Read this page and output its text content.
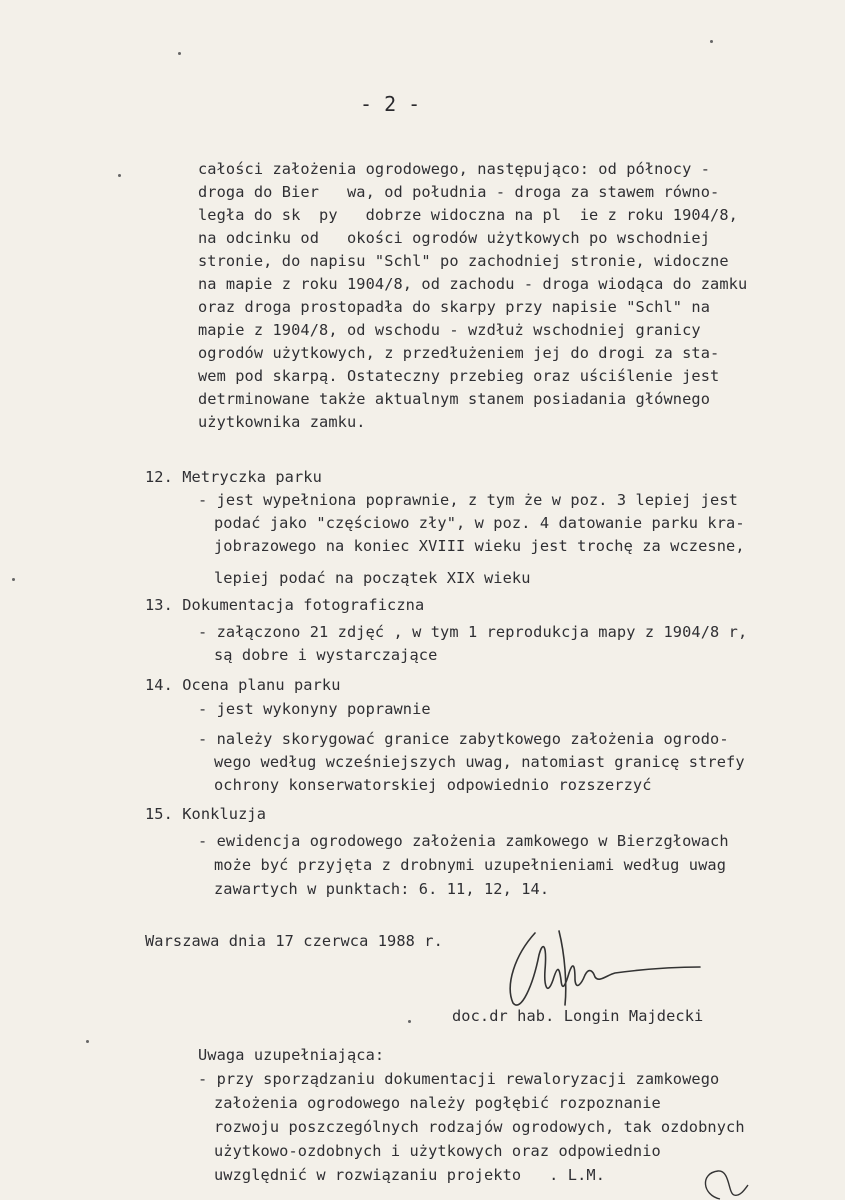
- 2 -
całości założenia ogrodowego, następująco: od północy -
droga do Bier   wa, od południa - droga za stawem równo-
legła do sk  py   dobrze widoczna na pl  ie z roku 1904/8,
na odcinku od   okości ogrodów użytkowych po wschodniej
stronie, do napisu "Schl" po zachodniej stronie, widoczne
na mapie z roku 1904/8, od zachodu - droga wiodąca do zamku
oraz droga prostopadła do skarpy przy napisie "Schl" na
mapie z 1904/8, od wschodu - wzdłuż wschodniej granicy
ogrodów użytkowych, z przedłużeniem jej do drogi za sta-
wem pod skarpą. Ostateczny przebieg oraz uściślenie jest
detrminowane także aktualnym stanem posiadania głównego
użytkownika zamku.
12. Metryczka parku
- jest wypełniona poprawnie, z tym że w poz. 3 lepiej jest
podać jako "częściowo zły", w poz. 4 datowanie parku kra-
jobrazowego na koniec XVIII wieku jest trochę za wczesne,
lepiej podać na początek XIX wieku
13. Dokumentacja fotograficzna
- załączono 21 zdjęć , w tym 1 reprodukcja mapy z 1904/8 r,
są dobre i wystarczające
14. Ocena planu parku
- jest wykonyny poprawnie
- należy skorygować granice zabytkowego założenia ogrodo-
wego według wcześniejszych uwag, natomiast granicę strefy
ochrony konserwatorskiej odpowiednio rozszerzyć
15. Konkluzja
- ewidencja ogrodowego założenia zamkowego w Bierzgłowach
może być przyjęta z drobnymi uzupełnieniami według uwag
zawartych w punktach: 6. 11, 12, 14.
Warszawa dnia 17 czerwca 1988 r.
doc.dr hab. Longin Majdecki
Uwaga uzupełniająca:
- przy sporządzaniu dokumentacji rewaloryzacji zamkowego
założenia ogrodowego należy pogłębić rozpoznanie
rozwoju poszczególnych rodzajów ogrodowych, tak ozdobnych
użytkowo-ozdobnych i użytkowych oraz odpowiednio
uwzględnić w rozwiązaniu projekto   . L.M.
